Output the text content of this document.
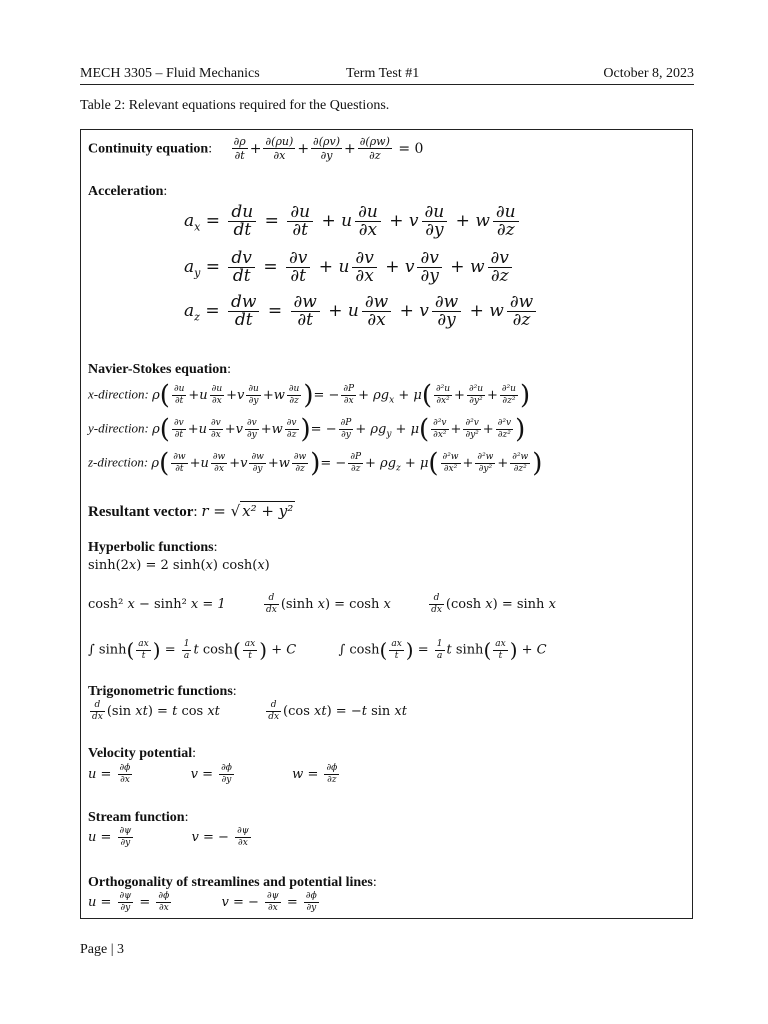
MECH 3305 – Fluid Mechanics	Term Test #1	October 8, 2023
Table 2: Relevant equations required for the Questions.
Continuity equation: $\frac{\partial\rho}{\partial t} + \frac{\partial(\rho u)}{\partial x} + \frac{\partial(\rho v)}{\partial y} + \frac{\partial(\rho w)}{\partial z} = 0$
Acceleration:
$a_x = \frac{du}{dt} = \frac{\partial u}{\partial t} + u \frac{\partial u}{\partial x} + v \frac{\partial u}{\partial y} + w \frac{\partial u}{\partial z}$
$a_y = \frac{dv}{dt} = \frac{\partial v}{\partial t} + u \frac{\partial v}{\partial x} + v \frac{\partial v}{\partial y} + w \frac{\partial v}{\partial z}$
$a_z = \frac{dw}{dt} = \frac{\partial w}{\partial t} + u \frac{\partial w}{\partial x} + v \frac{\partial w}{\partial y} + w \frac{\partial w}{\partial z}$
Navier-Stokes equation:
x-direction: $\rho( \frac{\partial u}{\partial t} +u \frac{\partial u}{\partial x} +v \frac{\partial u}{\partial y} +w \frac{\partial u}{\partial z}$ )= − $\frac{\partial P}{\partial x} + \rho g_x + \mu( \frac{\text{∂²u}}{\text{∂x²}} + \frac{\text{∂²u}}{\text{∂y²}} + \frac{\text{∂²u}}{\text{∂z²}}$ )
y-direction: $\rho( \frac{\partial v}{\partial t} +u \frac{\partial v}{\partial x} +v \frac{\partial v}{\partial y} +w \frac{\partial v}{\partial z}$ )= − $\frac{\partial P}{\partial y} + \rho g_y + \mu( \frac{\text{∂²v}}{\text{∂x²}} + \frac{\text{∂²v}}{\text{∂y²}} + \frac{\text{∂²v}}{\text{∂z²}}$ )
z-direction: $\rho( \frac{\partial w}{\partial t} +u \frac{\partial w}{\partial x} +v \frac{\partial w}{\partial y} +w \frac{\partial w}{\partial z}$ )= − $\frac{\partial P}{\partial z} + \rho g_z + \mu( \frac{\text{∂²w}}{\text{∂x²}} + \frac{\text{∂²w}}{\text{∂y²}} + \frac{\text{∂²w}}{\text{∂z²}}$ )
Resultant vector: r = √ x² + y²
Hyperbolic functions:
sinh(2x) = 2 sinh(x) cosh(x)
cosh² x − sinh² x = 1	$\frac{d}{dx} (\sinh$ x) = cosh x	$\frac{d}{dx} (\cosh$ x) = sinh x
∫ $\sinh( \frac{ax}{t}$ ) = $\frac{1}{a}$ t $\cosh( \frac{ax}{t}$ ) + C	∫ $\cosh( \frac{ax}{t}$ ) = $\frac{1}{a}$ t $\sinh( \frac{ax}{t}$ ) + C
Trigonometric functions:
$\frac{d}{dx} (\sin$ xt) = t cos xt	$\frac{d}{dx} (\cos$ xt) = −t sin xt
Velocity potential:
$u = \frac{\partial\phi}{\partial x}$	$v = \frac{\partial\phi}{\partial y}$	$w = \frac{\partial\phi}{\partial z}$
Stream function:
$u = \frac{\partial\psi}{\partial y}$	v = − $\frac{\partial\psi}{\partial x}$
Orthogonality of streamlines and potential lines:
$u = \frac{\partial\psi}{\partial y} = \frac{\partial\phi}{\partial x}$	v = − $\frac{\partial\psi}{\partial x} = \frac{\partial\phi}{\partial y}$
Page | 3
